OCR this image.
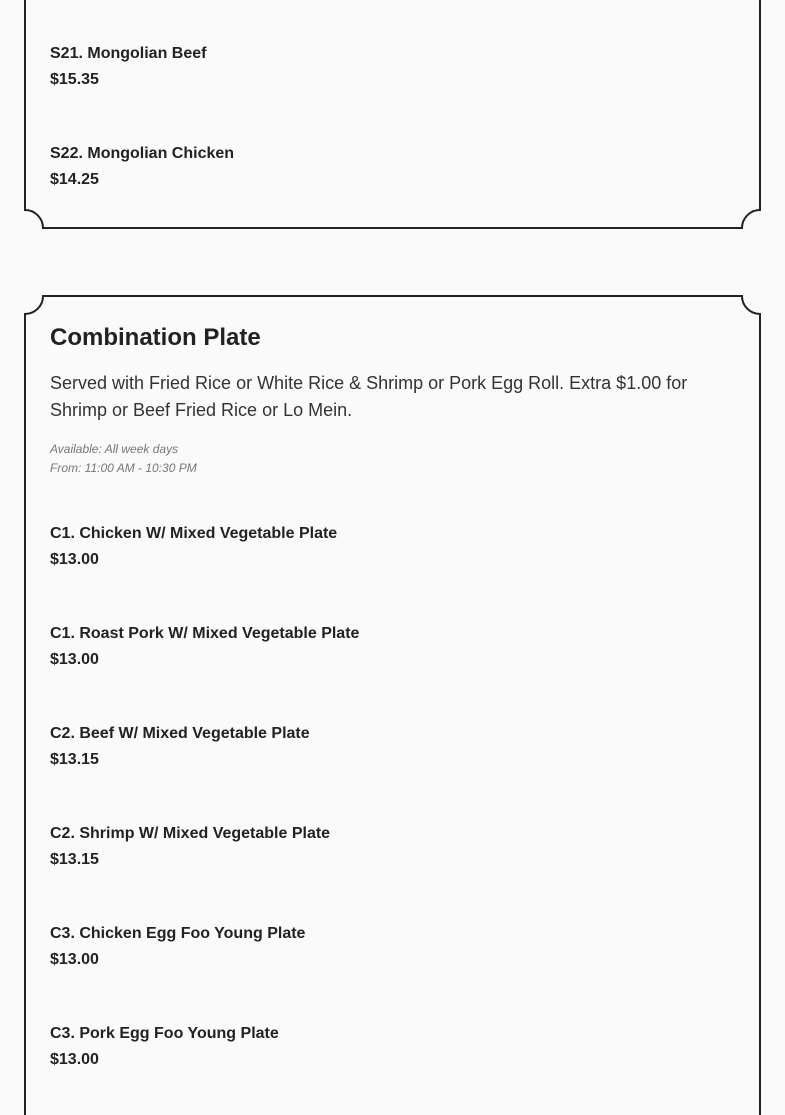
S21. Mongolian Beef
$15.35
S22. Mongolian Chicken
$14.25
Combination Plate
Served with Fried Rice or White Rice & Shrimp or Pork Egg Roll. Extra $1.00 for Shrimp or Beef Fried Rice or Lo Mein.
Available: All week days
From: 11:00 AM - 10:30 PM
C1. Chicken W/ Mixed Vegetable Plate
$13.00
C1. Roast Pork W/ Mixed Vegetable Plate
$13.00
C2. Beef W/ Mixed Vegetable Plate
$13.15
C2. Shrimp W/ Mixed Vegetable Plate
$13.15
C3. Chicken Egg Foo Young Plate
$13.00
C3. Pork Egg Foo Young Plate
$13.00
